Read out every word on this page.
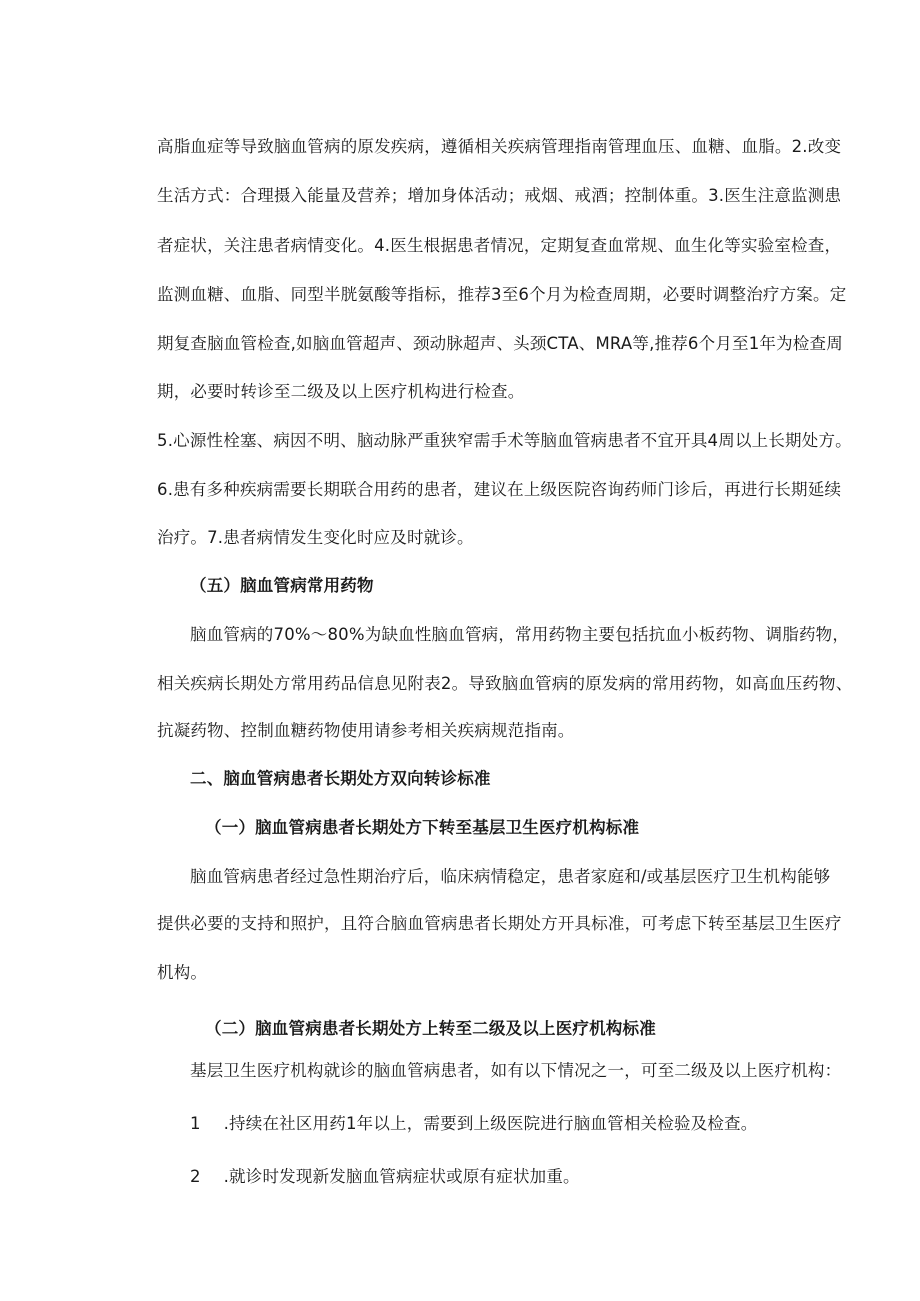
高脂血症等导致脑血管病的原发疾病，遵循相关疾病管理指南管理血压、血糖、血脂。2.改变
生活方式：合理摄入能量及营养；增加身体活动；戒烟、戒酒；控制体重。3.医生注意监测患
者症状，关注患者病情变化。4.医生根据患者情况，定期复查血常规、血生化等实验室检查，
监测血糖、血脂、同型半胱氨酸等指标，推荐3至6个月为检查周期，必要时调整治疗方案。定
期复查脑血管检查,如脑血管超声、颈动脉超声、头颈CTA、MRA等,推荐6个月至1年为检查周
期，必要时转诊至二级及以上医疗机构进行检查。
5.心源性栓塞、病因不明、脑动脉严重狭窄需手术等脑血管病患者不宜开具4周以上长期处方。
6.患有多种疾病需要长期联合用药的患者，建议在上级医院咨询药师门诊后，再进行长期延续
治疗。7.患者病情发生变化时应及时就诊。
（五）脑血管病常用药物
脑血管病的70%～80%为缺血性脑血管病，常用药物主要包括抗血小板药物、调脂药物，
相关疾病长期处方常用药品信息见附表2。导致脑血管病的原发病的常用药物，如高血压药物、
抗凝药物、控制血糖药物使用请参考相关疾病规范指南。
二、脑血管病患者长期处方双向转诊标准
（一）脑血管病患者长期处方下转至基层卫生医疗机构标准
脑血管病患者经过急性期治疗后，临床病情稳定，患者家庭和/或基层医疗卫生机构能够
提供必要的支持和照护，且符合脑血管病患者长期处方开具标准，可考虑下转至基层卫生医疗
机构。
（二）脑血管病患者长期处方上转至二级及以上医疗机构标准
基层卫生医疗机构就诊的脑血管病患者，如有以下情况之一，可至二级及以上医疗机构：
1 .持续在社区用药1年以上，需要到上级医院进行脑血管相关检验及检查。
2 .就诊时发现新发脑血管病症状或原有症状加重。
